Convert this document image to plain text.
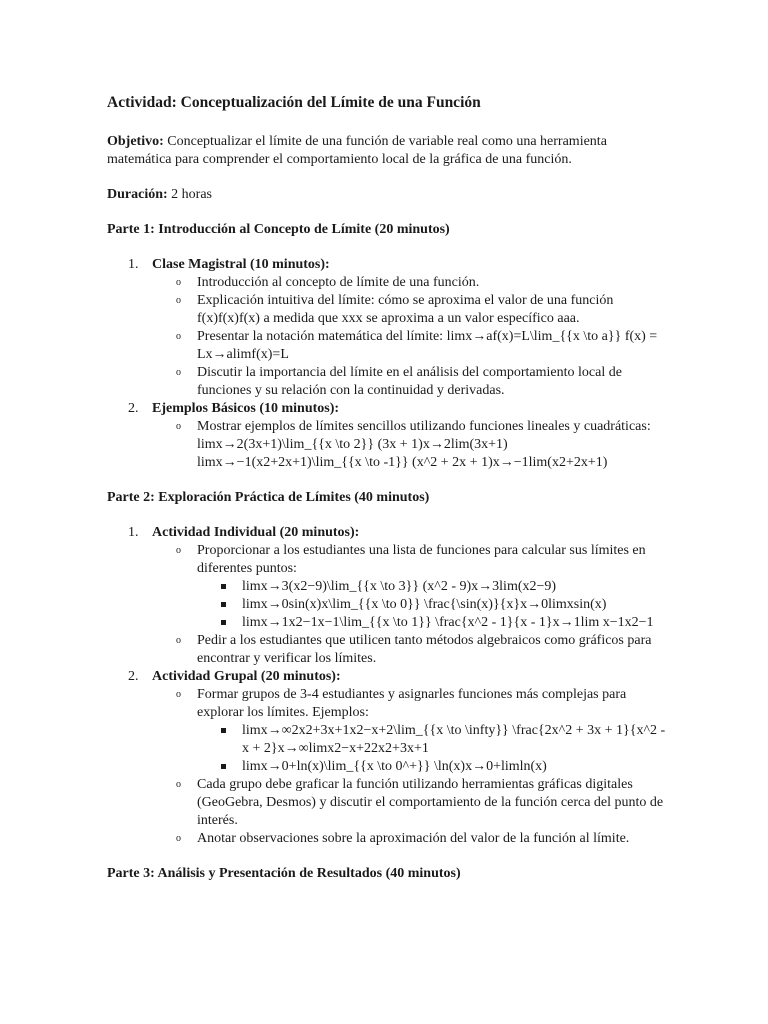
Actividad: Conceptualización del Límite de una Función

Objetivo: Conceptualizar el límite de una función de variable real como una herramienta matemática para comprender el comportamiento local de la gráfica de una función.

Duración: 2 horas

Parte 1: Introducción al Concepto de Límite (20 minutos)
1. Clase Magistral (10 minutos):
o Introducción al concepto de límite de una función.
o Explicación intuitiva del límite: cómo se aproxima el valor de una función f(x)f(x)f(x) a medida que xxx se aproxima a un valor específico aaa.
o Presentar la notación matemática del límite: limx→af(x)=L\lim_{{x \to a}} f(x) = Lx→alimf(x)=L
o Discutir la importancia del límite en el análisis del comportamiento local de funciones y su relación con la continuidad y derivadas.
2. Ejemplos Básicos (10 minutos):
o Mostrar ejemplos de límites sencillos utilizando funciones lineales y cuadráticas: limx→2(3x+1)\lim_{{x \to 2}} (3x + 1)x→2lim(3x+1) limx→−1(x2+2x+1)\lim_{{x \to -1}} (x^2 + 2x + 1)x→−1lim(x2+2x+1)
Parte 2: Exploración Práctica de Límites (40 minutos)
1. Actividad Individual (20 minutos):
o Proporcionar a los estudiantes una lista de funciones para calcular sus límites en diferentes puntos:
limx→3(x2−9)\lim_{{x \to 3}} (x^2 - 9)x→3lim(x2−9)
limx→0sin(x)x\lim_{{x \to 0}} \frac{\sin(x)}{x}x→0limxsin(x)
limx→1x2−1x−1\lim_{{x \to 1}} \frac{x^2 - 1}{x - 1}x→1lim x−1x2−1
o Pedir a los estudiantes que utilicen tanto métodos algebraicos como gráficos para encontrar y verificar los límites.
2. Actividad Grupal (20 minutos):
o Formar grupos de 3-4 estudiantes y asignarles funciones más complejas para explorar los límites. Ejemplos:
limx→∞2x2+3x+1x2−x+2\lim_{{x \to \infty}} \frac{2x^2 + 3x + 1}{x^2 - x + 2}x→∞limx2−x+22x2+3x+1
limx→0+ln(x)\lim_{{x \to 0^+}} \ln(x)x→0+limln(x)
o Cada grupo debe graficar la función utilizando herramientas gráficas digitales (GeoGebra, Desmos) y discutir el comportamiento de la función cerca del punto de interés.
o Anotar observaciones sobre la aproximación del valor de la función al límite.
Parte 3: Análisis y Presentación de Resultados (40 minutos)
